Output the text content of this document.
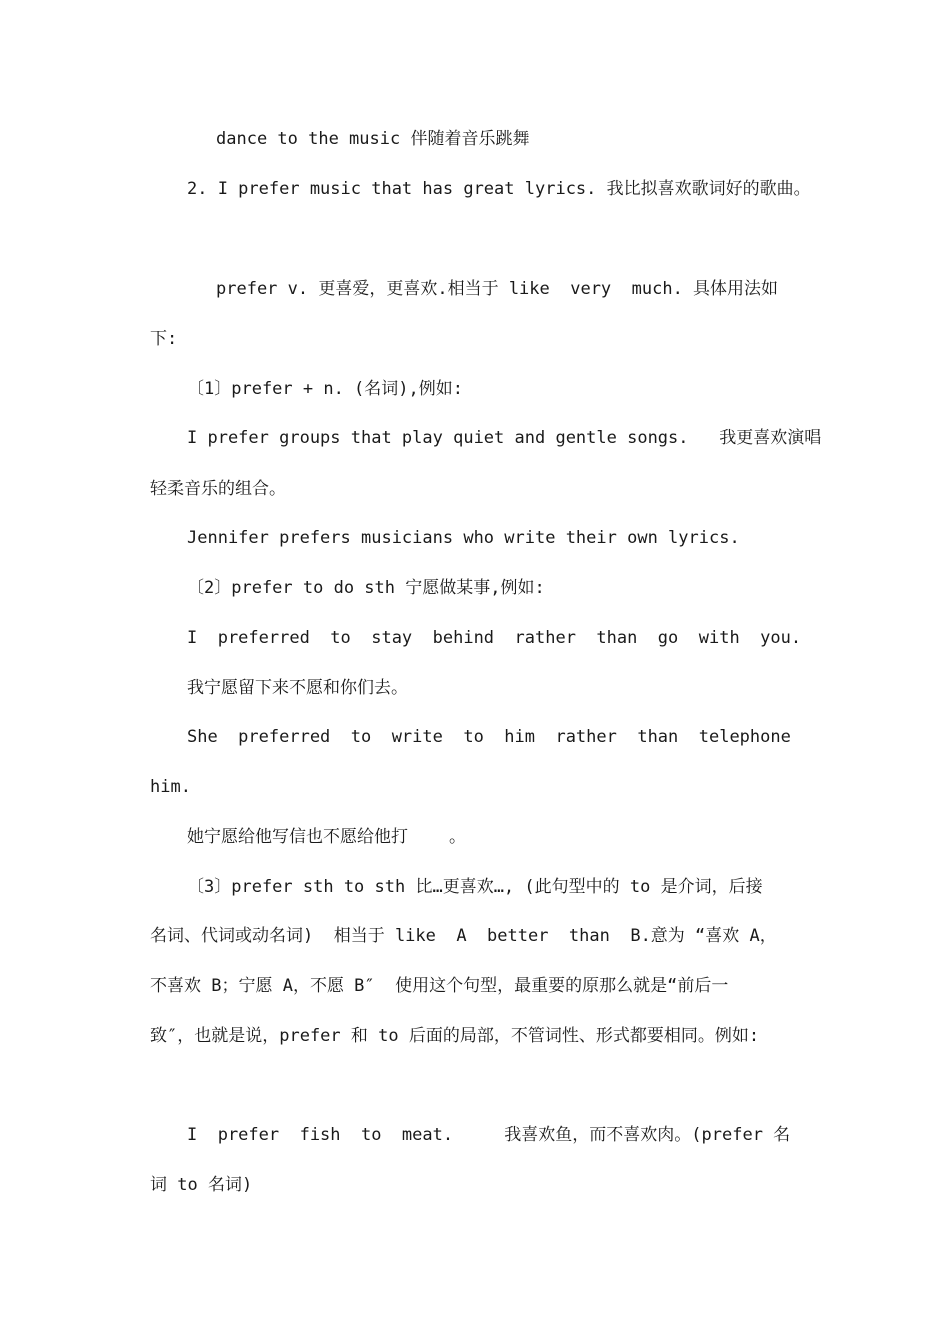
dance to the music 伴随着音乐跳舞
2. I prefer music that has great lyrics. 我比拟喜欢歌词好的歌曲。
prefer v. 更喜爱，更喜欢.相当于 like  very  much. 具体用法如
下:
〔1〕prefer + n. (名词),例如:
I prefer groups that play quiet and gentle songs.   我更喜欢演唱
轻柔音乐的组合。
Jennifer prefers musicians who write their own lyrics.
〔2〕prefer to do sth 宁愿做某事,例如:
I  preferred  to  stay  behind  rather  than  go  with  you.
我宁愿留下来不愿和你们去。
She  preferred  to  write  to  him  rather  than  telephone
him.
她宁愿给他写信也不愿给他打    。
〔3〕prefer sth to sth 比…更喜欢…, (此句型中的 to 是介词，后接
名词、代词或动名词)  相当于 like  A  better  than  B.意为 “喜欢 A，
不喜欢 B；宁愿 A，不愿 B″  使用这个句型，最重要的原那么就是“前后一
致″，也就是说，prefer 和 to 后面的局部，不管词性、形式都要相同。例如:
I  prefer  fish  to  meat.     我喜欢鱼，而不喜欢肉。(prefer 名
词 to 名词)
